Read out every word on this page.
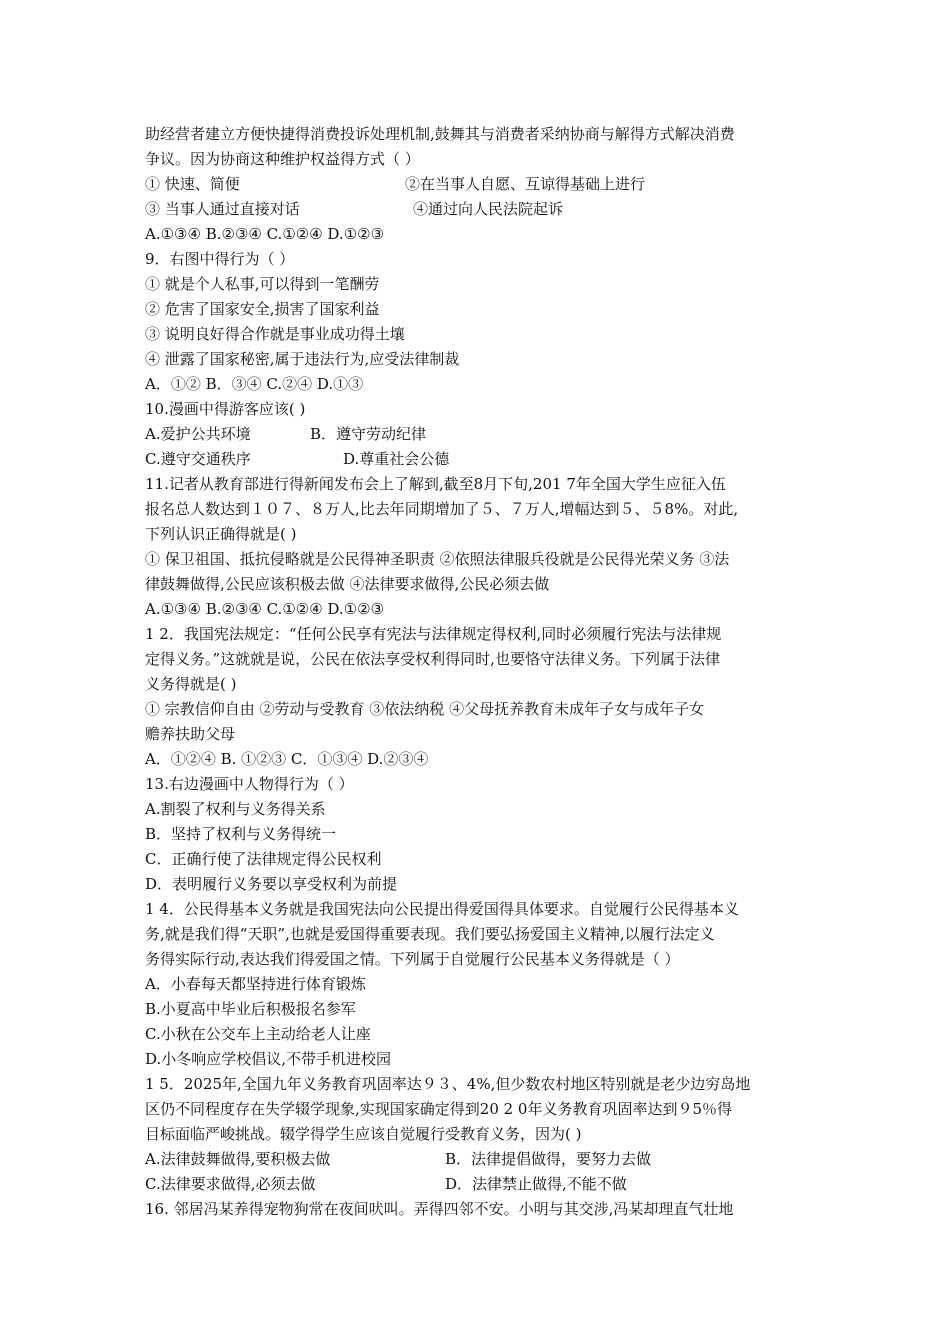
助经营者建立方便快捷得消费投诉处理机制,鼓舞其与消费者采纳协商与解得方式解决消费
争议。因为协商这种维护权益得方式（ ）
① 快速、简便	②在当事人自愿、互谅得基础上进行
③ 当事人通过直接对话	④通过向人民法院起诉
A.①③④ B.②③④ C.①②④ D.①②③
9．右图中得行为（ ）
① 就是个人私事,可以得到一笔酬劳
② 危害了国家安全,损害了国家利益
③ 说明良好得合作就是事业成功得土壤
④ 泄露了国家秘密,属于违法行为,应受法律制裁
A．①② B．③④ C.②④ D.①③
10.漫画中得游客应该( )
A.爱护公共环境	B．遵守劳动纪律
C.遵守交通秩序	D.尊重社会公德
11.记者从教育部进行得新闻发布会上了解到,截至8月下旬,201 7年全国大学生应征入伍
报名总人数达到１０７、８万人,比去年同期增加了５、７万人,增幅达到５、５8%。对此,
下列认识正确得就是( )
① 保卫祖国、抵抗侵略就是公民得神圣职责 ②依照法律服兵役就是公民得光荣义务 ③法
律鼓舞做得,公民应该积极去做 ④法律要求做得,公民必须去做
A.①③④ B.②③④ C.①②④ D.①②③
1 2．我国宪法规定：“任何公民享有宪法与法律规定得权利,同时必须履行宪法与法律规
定得义务。”这就就是说，公民在依法享受权利得同时,也要恪守法律义务。下列属于法律
义务得就是( )
① 宗教信仰自由 ②劳动与受教育 ③依法纳税 ④父母抚养教育未成年子女与成年子女
赡养扶助父母
A．①②④ B. ①②③ C．①③④ D.②③④
13.右边漫画中人物得行为（ ）
A.割裂了权利与义务得关系
B．坚持了权利与义务得统一
C．正确行使了法律规定得公民权利
D．表明履行义务要以享受权利为前提
1 4．公民得基本义务就是我国宪法向公民提出得爱国得具体要求。自觉履行公民得基本义
务,就是我们得“天职”,也就是爱国得重要表现。我们要弘扬爱国主义精神,以履行法定义
务得实际行动,表达我们得爱国之情。下列属于自觉履行公民基本义务得就是（ ）
A．小春每天都坚持进行体育锻炼
B.小夏高中毕业后积极报名参军
C.小秋在公交车上主动给老人让座
D.小冬响应学校倡议,不带手机进校园
1 5．2025年,全国九年义务教育巩固率达９３、4%,但少数农村地区特别就是老少边穷岛地
区仍不同程度存在失学辍学现象,实现国家确定得到20 2 0年义务教育巩固率达到９5％得
目标面临严峻挑战。辍学得学生应该自觉履行受教育义务，因为( )
A.法律鼓舞做得,要积极去做	B．法律提倡做得，要努力去做
C.法律要求做得,必须去做	D．法律禁止做得,不能不做
16. 邻居冯某养得宠物狗常在夜间吠叫。弄得四邻不安。小明与其交涉,冯某却理直气壮地
